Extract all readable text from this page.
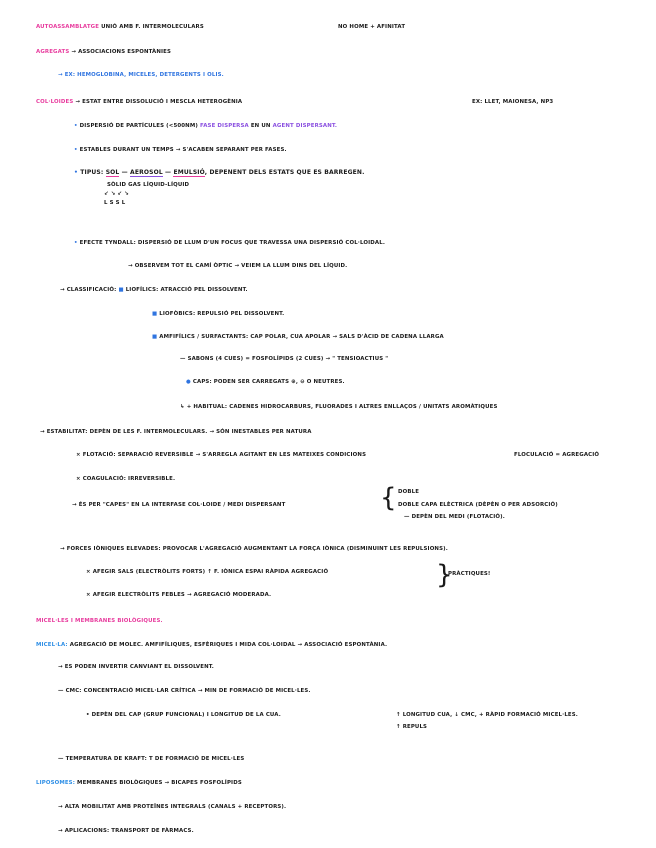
AUTOASSAMBLATGE UNIÓ AMB F. INTERMOLECULARS	NO HOME + AFINITAT
AGREGATS → ASSOCIACIONS ESPONTÀNIES
→ EX: HEMOGLOBINA, MICELES, DETERGENTS I OLIS.
COL·LOIDES → ESTAT ENTRE DISSOLUCIÓ I MESCLA HETEROGÈNIA	EX: LLET, MAIONESA, NP3
• DISPERSIÓ DE PARTÍCULES (<500NM) FASE DISPERSA EN UN AGENT DISPERSANT.
• ESTABLES DURANT UN TEMPS → S'ACABEN SEPARANT PER FASES.
• TIPUS: SOL — AEROSOL — EMULSIÓ, DEPENENT DELS ESTATS QUE ES BARREGEN.
SÒLID GAS LÍQUID-LÍQUID
↙ ↘ ↙ ↘
L S S L
• EFECTE TYNDALL: DISPERSIÓ DE LLUM D'UN FOCUS QUE TRAVESSA UNA DISPERSIÓ COL·LOIDAL.
→ OBSERVEM TOT EL CAMÍ ÒPTIC → VEIEM LA LLUM DINS DEL LÍQUID.
→ CLASSIFICACIÓ: ■ LIOFÍLICS: ATRACCIÓ PEL DISSOLVENT.
■ LIOFÒBICS: REPULSIÓ PEL DISSOLVENT.
■ AMFIFÍLICS / SURFACTANTS: CAP POLAR, CUA APOLAR → SALS D'ÀCID DE CADENA LLARGA
— SABONS (4 CUES) = FOSFOLÍPIDS (2 CUES) → " TENSIOACTIUS "
● CAPS: PODEN SER CARREGATS ⊕, ⊖ O NEUTRES.
↳ + HABITUAL: CADENES HIDROCARBURS, FLUORADES I ALTRES ENLLAÇOS / UNITATS AROMÀTIQUES
→ ESTABILITAT: DEPÈN DE LES F. INTERMOLECULARS. → SÓN INESTABLES PER NATURA
× FLOTACIÓ: SEPARACIÓ REVERSIBLE → S'ARREGLA AGITANT EN LES MATEIXES CONDICIONS	FLOCULACIÓ = AGREGACIÓ
× COAGULACIÓ: IRREVERSIBLE.
DOBLE
→ ÉS PER "CAPES" EN LA INTERFASE COL·LOIDE / MEDI DISPERSANT	{ DOBLE CAPA ELÈCTRICA (DÈPÈN O PER ADSORCIÓ)
— DEPÈN DEL MEDI (FLOTACIÓ).
→ FORCES IÒNIQUES ELEVADES: PROVOCAR L'AGREGACIÓ AUGMENTANT LA FORÇA IÒNICA (DISMINUINT LES REPULSIONS).
× AFEGIR SALS (ELECTRÒLITS FORTS) ↑ F. IÒNICA ESPAI RÀPIDA AGREGACIÓ	}
PRÀCTIQUES!
× AFEGIR ELECTRÒLITS FEBLES → AGREGACIÓ MODERADA.
MICEL·LES I MEMBRANES BIOLÒGIQUES.
MICEL·LA: AGREGACIÓ DE MOLEC. AMFIFÍLIQUES, ESFÈRIQUES I MIDA COL·LOIDAL → ASSOCIACIÓ ESPONTÀNIA.
→ ES PODEN INVERTIR CANVIANT EL DISSOLVENT.
— CMC: CONCENTRACIÓ MICEL·LAR CRÍTICA → MIN DE FORMACIÓ DE MICEL·LES.
• DEPÈN DEL CAP (GRUP FUNCIONAL) I LONGITUD DE LA CUA.	↑ LONGITUD CUA, ↓ CMC, + RÀPID FORMACIÓ MICEL·LES.
↑ REPULS
— TEMPERATURA DE KRAFT: T DE FORMACIÓ DE MICEL·LES
LIPOSOMES: MEMBRANES BIOLÒGIQUES → BICAPES FOSFOLÍPIDS
→ ALTA MOBILITAT AMB PROTEÏNES INTEGRALS (CANALS + RECEPTORS).
→ APLICACIONS: TRANSPORT DE FÀRMACS.
